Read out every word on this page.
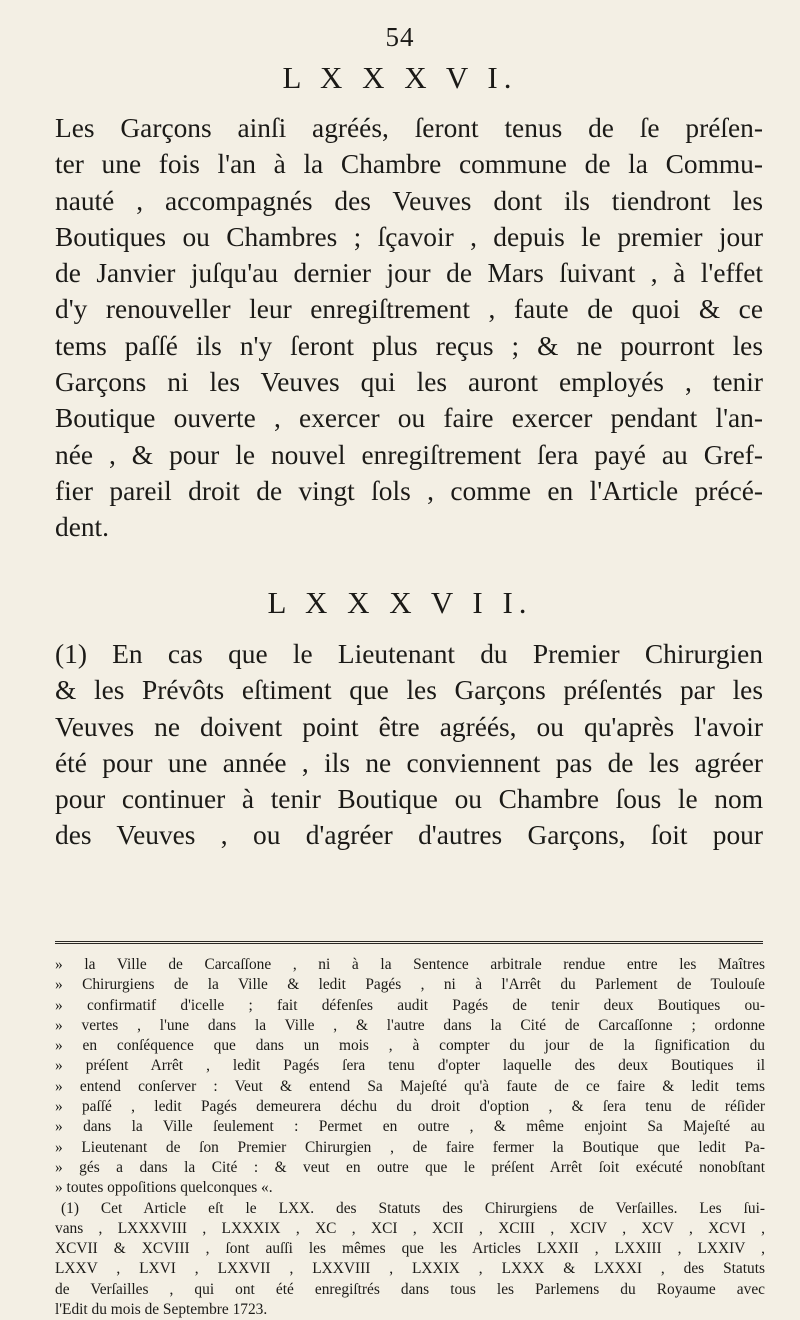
54
L X X X V I.
Les Garçons ainſi agréés, ſeront tenus de ſe préſen-
ter une fois l'an à la Chambre commune de la Commu-
nauté , accompagnés des Veuves dont ils tiendront les
Boutiques ou Chambres ; ſçavoir , depuis le premier jour
de Janvier juſqu'au dernier jour de Mars ſuivant , à l'effet
d'y renouveller leur enregiſtrement , faute de quoi & ce
tems paſſé ils n'y ſeront plus reçus ; & ne pourront les
Garçons ni les Veuves qui les auront employés , tenir
Boutique ouverte , exercer ou faire exercer pendant l'an-
née , & pour le nouvel enregiſtrement ſera payé au Gref-
fier pareil droit de vingt ſols , comme en l'Article précé-
dent.
L X X X V I I.
(1) En cas que le Lieutenant du Premier Chirurgien
& les Prévôts eſtiment que les Garçons préſentés par les
Veuves ne doivent point être agréés, ou qu'après l'avoir
été pour une année , ils ne conviennent pas de les agréer
pour continuer à tenir Boutique ou Chambre ſous le nom
des Veuves , ou d'agréer d'autres Garçons, ſoit pour
» la Ville de Carcaſſone , ni à la Sentence arbitrale rendue entre les Maîtres
» Chirurgiens de la Ville & ledit Pagés , ni à l'Arrêt du Parlement de Toulouſe
» confirmatif d'icelle ; fait défenſes audit Pagés de tenir deux Boutiques ou-
» vertes , l'une dans la Ville , & l'autre dans la Cité de Carcaſſonne ; ordonne
» en conſéquence que dans un mois , à compter du jour de la ſignification du
» préſent Arrêt , ledit Pagés ſera tenu d'opter laquelle des deux Boutiques il
» entend conſerver : Veut & entend Sa Majeſté qu'à faute de ce faire & ledit tems
» paſſé , ledit Pagés demeurera déchu du droit d'option , & ſera tenu de réſider
» dans la Ville ſeulement : Permet en outre , & même enjoint Sa Majeſté au
» Lieutenant de ſon Premier Chirurgien , de faire fermer la Boutique que ledit Pa-
» gés a dans la Cité : & veut en outre que le préſent Arrêt ſoit exécuté nonobſtant
» toutes oppoſitions quelconques «.
(1) Cet Article eſt le LXX. des Statuts des Chirurgiens de Verſailles. Les ſui-
vans , LXXXVIII , LXXXIX , XC , XCI , XCII , XCIII , XCIV , XCV , XCVI ,
XCVII & XCVIII , ſont auſſi les mêmes que les Articles LXXII , LXXIII , LXXIV ,
LXXV , LXVI , LXXVII , LXXVIII , LXXIX , LXXX & LXXXI , des Statuts
de Verſailles , qui ont été enregiſtrés dans tous les Parlemens du Royaume avec
l'Edit du mois de Septembre 1723.
